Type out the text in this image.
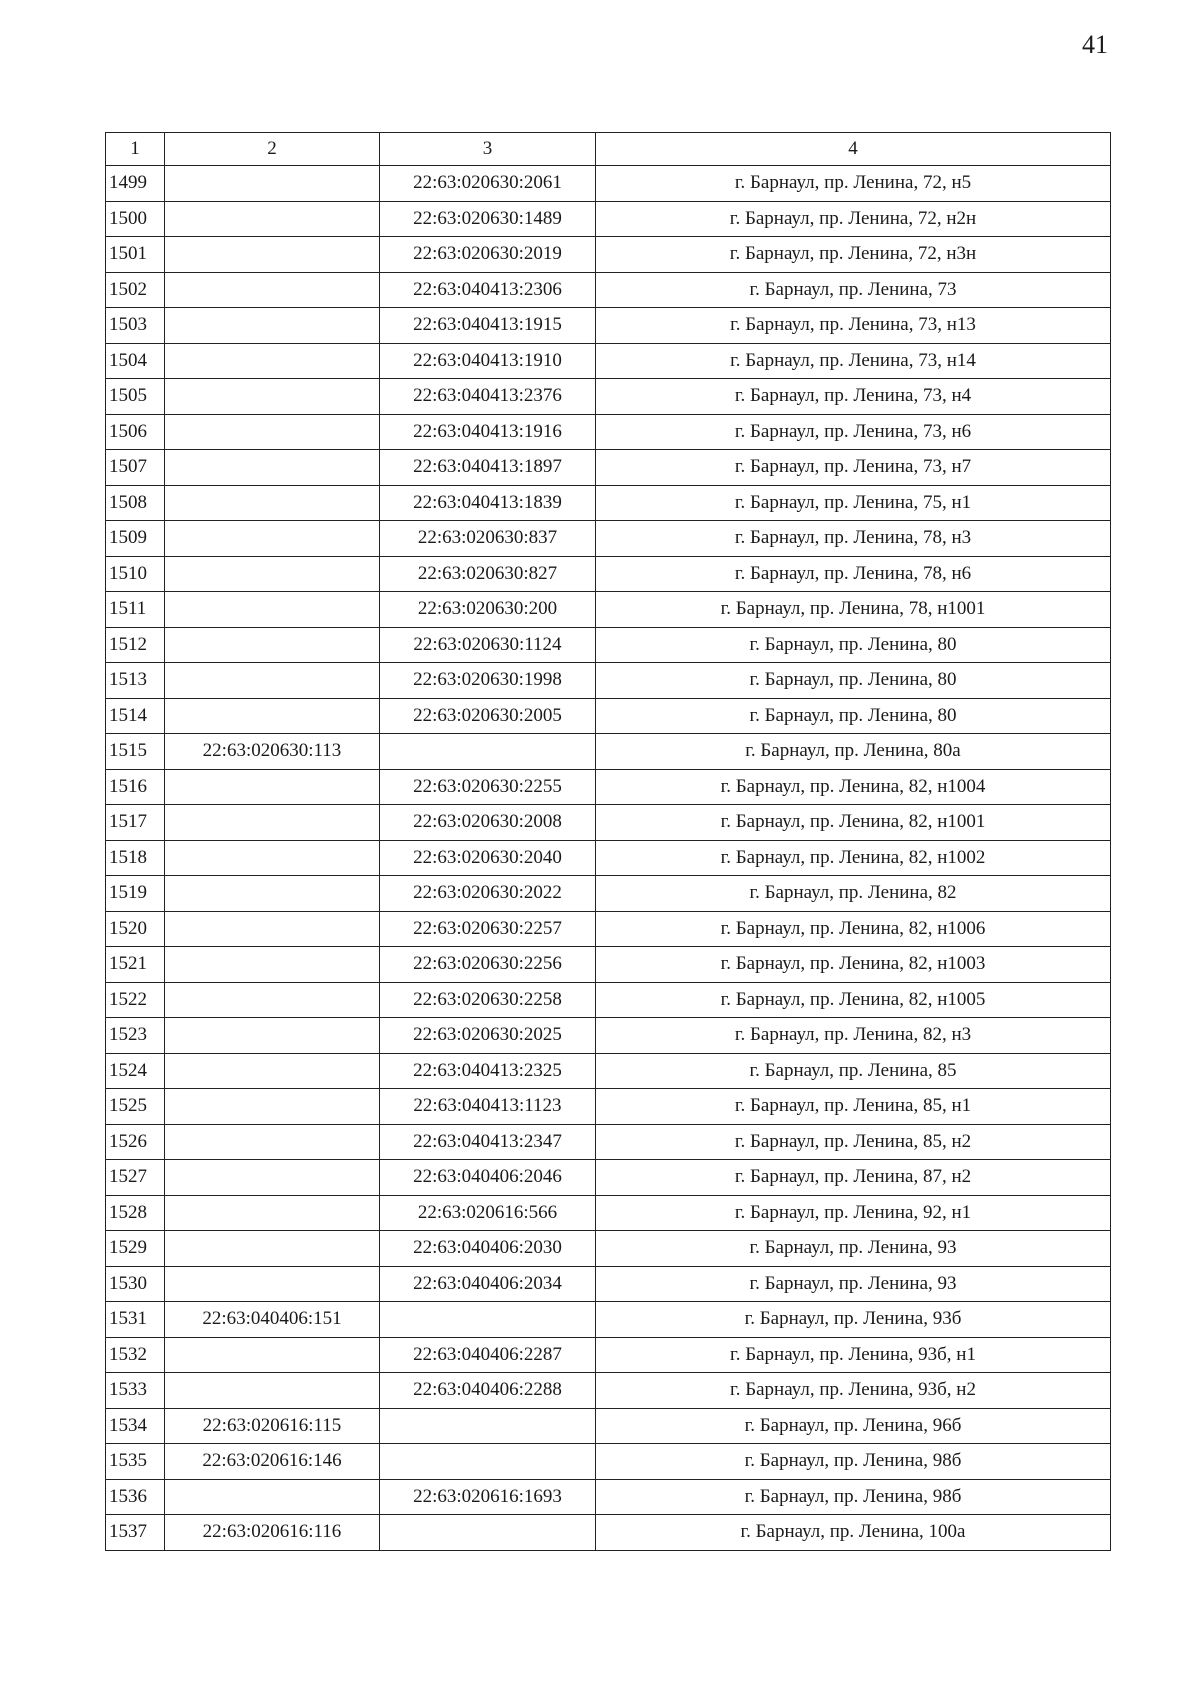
41
1	2	3	4
1499		22:63:020630:2061	г. Барнаул, пр. Ленина, 72, н5
1500		22:63:020630:1489	г. Барнаул, пр. Ленина, 72, н2н
1501		22:63:020630:2019	г. Барнаул, пр. Ленина, 72, н3н
1502		22:63:040413:2306	г. Барнаул, пр. Ленина, 73
1503		22:63:040413:1915	г. Барнаул, пр. Ленина, 73, н13
1504		22:63:040413:1910	г. Барнаул, пр. Ленина, 73, н14
1505		22:63:040413:2376	г. Барнаул, пр. Ленина, 73, н4
1506		22:63:040413:1916	г. Барнаул, пр. Ленина, 73, н6
1507		22:63:040413:1897	г. Барнаул, пр. Ленина, 73, н7
1508		22:63:040413:1839	г. Барнаул, пр. Ленина, 75, н1
1509		22:63:020630:837	г. Барнаул, пр. Ленина, 78, н3
1510		22:63:020630:827	г. Барнаул, пр. Ленина, 78, н6
1511		22:63:020630:200	г. Барнаул, пр. Ленина, 78, н1001
1512		22:63:020630:1124	г. Барнаул, пр. Ленина, 80
1513		22:63:020630:1998	г. Барнаул, пр. Ленина, 80
1514		22:63:020630:2005	г. Барнаул, пр. Ленина, 80
1515	22:63:020630:113		г. Барнаул, пр. Ленина, 80а
1516		22:63:020630:2255	г. Барнаул, пр. Ленина, 82, н1004
1517		22:63:020630:2008	г. Барнаул, пр. Ленина, 82, н1001
1518		22:63:020630:2040	г. Барнаул, пр. Ленина, 82, н1002
1519		22:63:020630:2022	г. Барнаул, пр. Ленина, 82
1520		22:63:020630:2257	г. Барнаул, пр. Ленина, 82, н1006
1521		22:63:020630:2256	г. Барнаул, пр. Ленина, 82, н1003
1522		22:63:020630:2258	г. Барнаул, пр. Ленина, 82, н1005
1523		22:63:020630:2025	г. Барнаул, пр. Ленина, 82, н3
1524		22:63:040413:2325	г. Барнаул, пр. Ленина, 85
1525		22:63:040413:1123	г. Барнаул, пр. Ленина, 85, н1
1526		22:63:040413:2347	г. Барнаул, пр. Ленина, 85, н2
1527		22:63:040406:2046	г. Барнаул, пр. Ленина, 87, н2
1528		22:63:020616:566	г. Барнаул, пр. Ленина, 92, н1
1529		22:63:040406:2030	г. Барнаул, пр. Ленина, 93
1530		22:63:040406:2034	г. Барнаул, пр. Ленина, 93
1531	22:63:040406:151		г. Барнаул, пр. Ленина, 93б
1532		22:63:040406:2287	г. Барнаул, пр. Ленина, 93б, н1
1533		22:63:040406:2288	г. Барнаул, пр. Ленина, 93б, н2
1534	22:63:020616:115		г. Барнаул, пр. Ленина, 96б
1535	22:63:020616:146		г. Барнаул, пр. Ленина, 98б
1536		22:63:020616:1693	г. Барнаул, пр. Ленина, 98б
1537	22:63:020616:116		г. Барнаул, пр. Ленина, 100а
